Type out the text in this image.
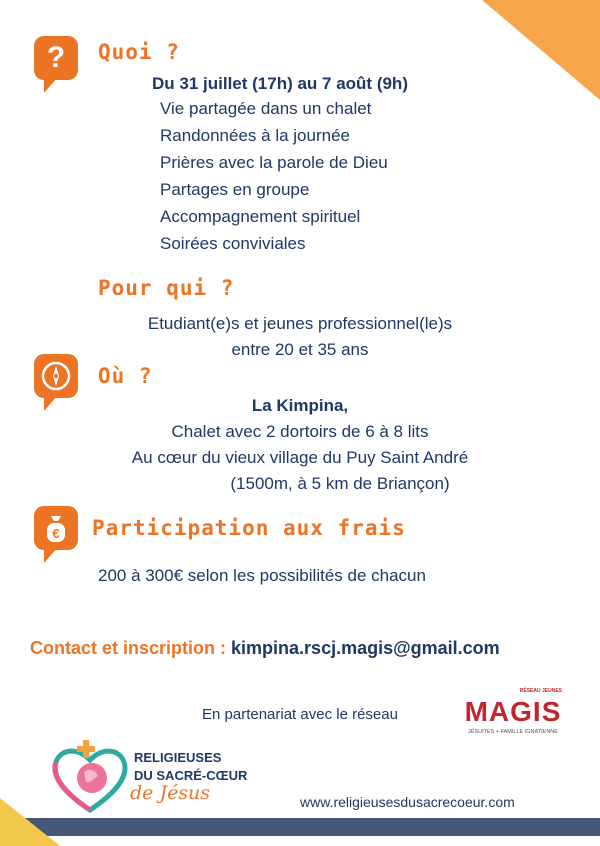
?	Quoi ?
Du 31 juillet (17h) au 7 août (9h)
Vie partagée dans un chalet
Randonnées à la journée
Prières avec la parole de Dieu
Partages en groupe
Accompagnement spirituel
Soirées conviviales
Pour qui ?
Etudiant(e)s et jeunes professionnel(le)s
entre 20 et 35 ans
Où ?
La Kimpina,
Chalet avec 2 dortoirs de 6 à 8 lits
Au cœur du vieux village du Puy Saint André
(1500m, à 5 km de Briançon)
€ Participation aux frais
200 à 300€ selon les possibilités de chacun
Contact et inscription : kimpina.rscj.magis@gmail.com
En partenariat avec le réseau
RÉSEAU JEUNES
MAGIS
JÉSUITES + FAMILLE IGNATIENNE
RELIGIEUSES
DU SACRÉ-CŒUR
de Jésus	www.religieusesdusacrecoeur.com
